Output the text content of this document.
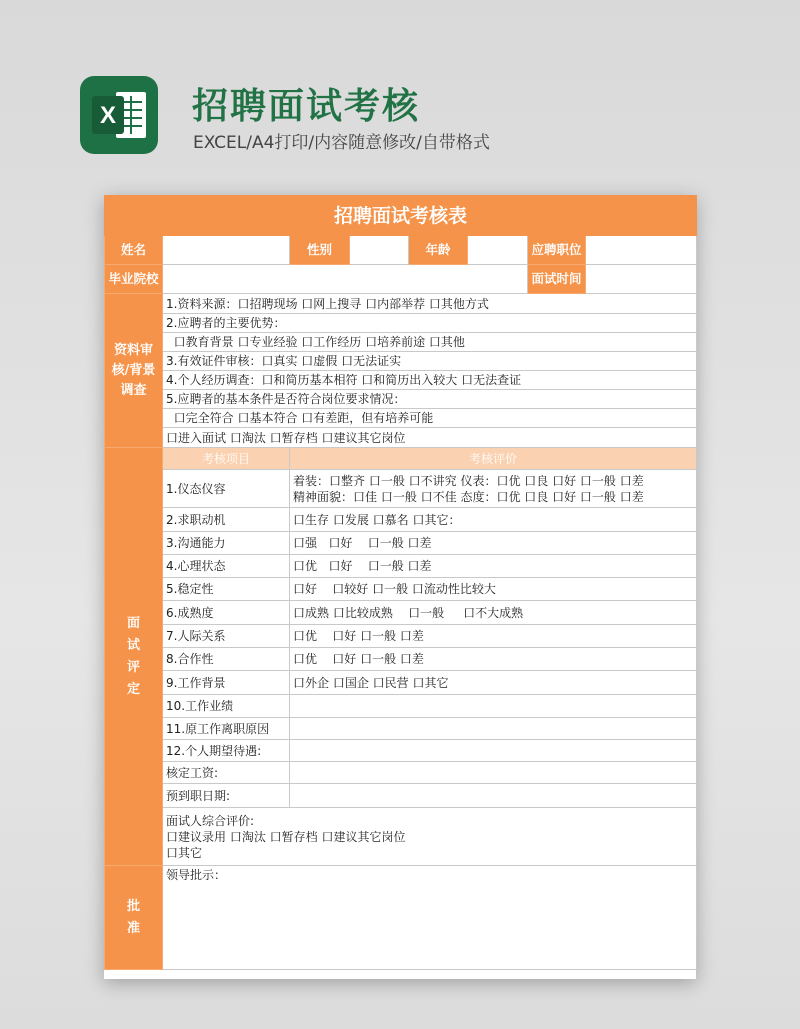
X 招聘面试考核
EXCEL/A4打印/内容随意修改/自带格式
招聘面试考核表							
姓名		性别		年龄		应聘职位	
毕业院校						面试时间	
资料审核/背景调查	1.资料来源：口招聘现场 口网上搜寻 口内部举荐 口其他方式						
	2.应聘者的主要优势：						
	口教育背景 口专业经验 口工作经历 口培养前途 口其他						
	3.有效证件审核：口真实 口虚假 口无法证实						
	4.个人经历调查：口和简历基本相符 口和简历出入较大 口无法查证						
	5.应聘者的基本条件是否符合岗位要求情况：						
	口完全符合 口基本符合 口有差距，但有培养可能						
	口进入面试 口淘汰 口暂存档 口建议其它岗位						
面试评定	考核项目	考核评价					
	1.仪态仪容	着装：口整齐 口一般 口不讲究 仪表：口优 口良 口好 口一般 口差
精神面貌：口佳 口一般 口不佳 态度：口优 口良 口好 口一般 口差					

	2.求职动机	口生存 口发展 口慕名 口其它：					
	3.沟通能力	口强   口好    口一般 口差					
	4.心理状态	口优   口好    口一般 口差					
	5.稳定性	口好    口较好 口一般 口流动性比较大					
	6.成熟度	口成熟 口比较成熟    口一般     口不大成熟					
	7.人际关系	口优    口好 口一般 口差					
	8.合作性	口优    口好 口一般 口差					
	9.工作背景	口外企 口国企 口民营 口其它					
	10.工作业绩						
	11.原工作离职原因						
	12.个人期望待遇:						
	核定工资:						
	预到职日期:						

	面试人综合评价:
口建议录用 口淘汰 口暂存档 口建议其它岗位
口其它						

批准	领导批示：						
